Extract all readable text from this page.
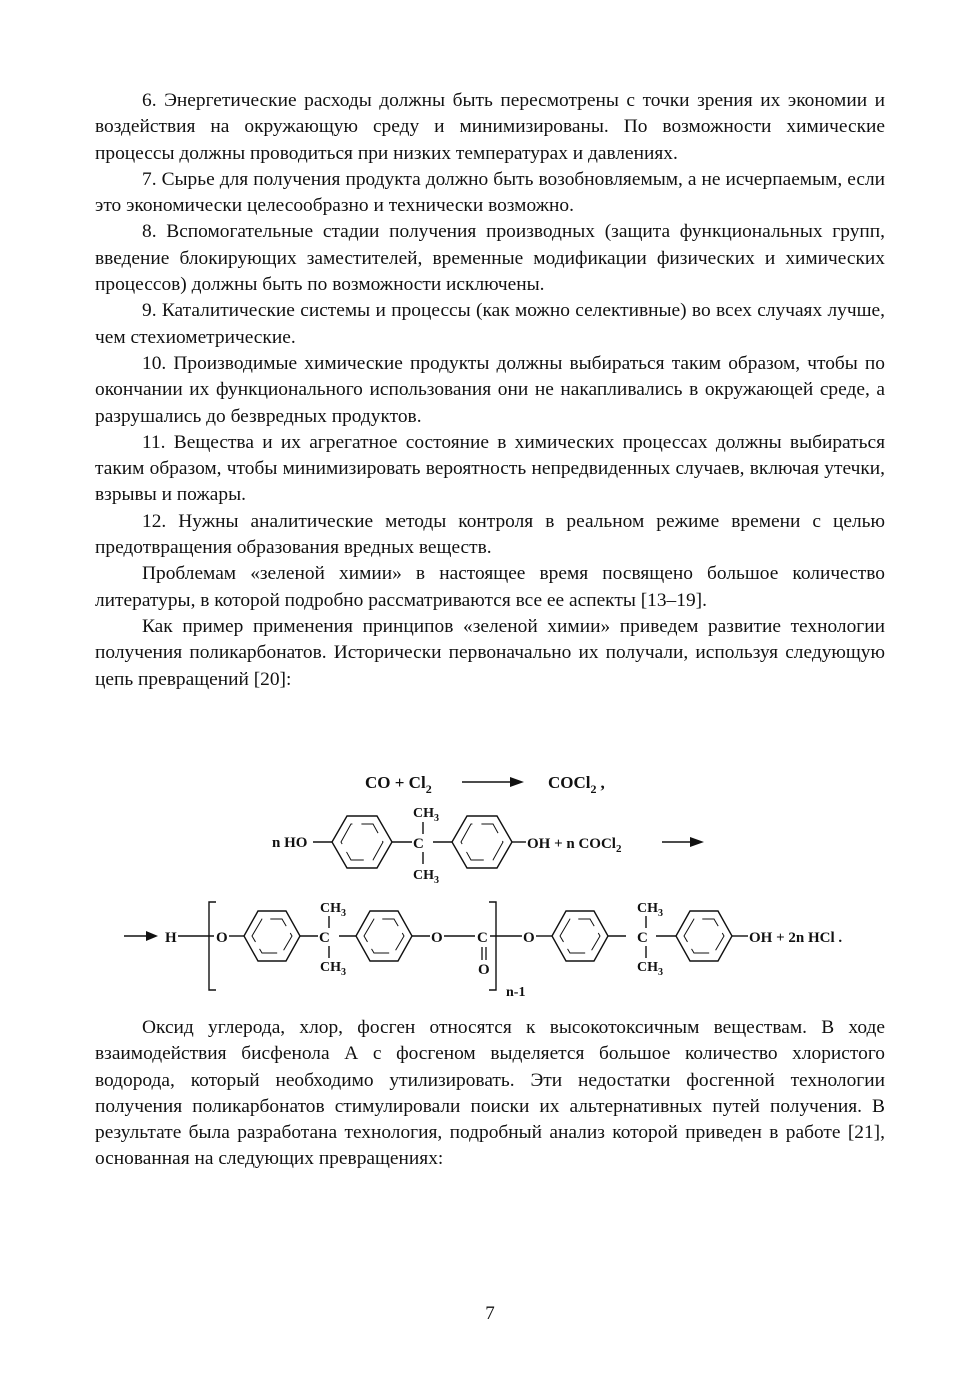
6. Энергетические расходы должны быть пересмотрены с точки зрения их экономии и воздействия на окружающую среду и минимизированы. По возможности химические процессы должны проводиться при низких температурах и давлениях.

7. Сырье для получения продукта должно быть возобновляемым, а не исчерпаемым, если это экономически целесообразно и технически возможно.

8. Вспомогательные стадии получения производных (защита функциональных групп, введение блокирующих заместителей, временные модификации физических и химических процессов) должны быть по возможности исключены.

9. Каталитические системы и процессы (как можно селективные) во всех случаях лучше, чем стехиометрические.

10. Производимые химические продукты должны выбираться таким образом, чтобы по окончании их функционального использования они не накапливались в окружающей среде, а разрушались до безвредных продуктов.

11. Вещества и их агрегатное состояние в химических процессах должны выбираться таким образом, чтобы минимизировать вероятность непредвиденных случаев, включая утечки, взрывы и пожары.

12. Нужны аналитические методы контроля в реальном режиме времени с целью предотвращения образования вредных веществ.

Проблемам «зеленой химии» в настоящее время посвящено большое количество литературы, в которой подробно рассматриваются все ее аспекты [13–19].

Как пример применения принципов «зеленой химии» приведем развитие технологии получения поликарбонатов. Исторически первоначально их получали, используя следующую цепь превращений [20]:

CO + $Cl_2$	COCl$_2$ ,
n HO	C
$CH_3$
$CH_3$
OH + n COCl$_2$
H	O	C
$CH_3$
$CH_3$
O C
O
n-1
O	C
$CH_3$
$CH_3$
OH + 2n HCl .

Оксид углерода, хлор, фосген относятся к высокотоксичным веществам. В ходе взаимодействия бисфенола А с фосгеном выделяется большое количество хлористого водорода, который необходимо утилизировать. Эти недостатки фосгенной технологии получения поликарбонатов стимулировали поиски их альтернативных путей получения. В результате была разработана технология, подробный анализ которой приведен в работе [21], основанная на следующих превращениях:

7
